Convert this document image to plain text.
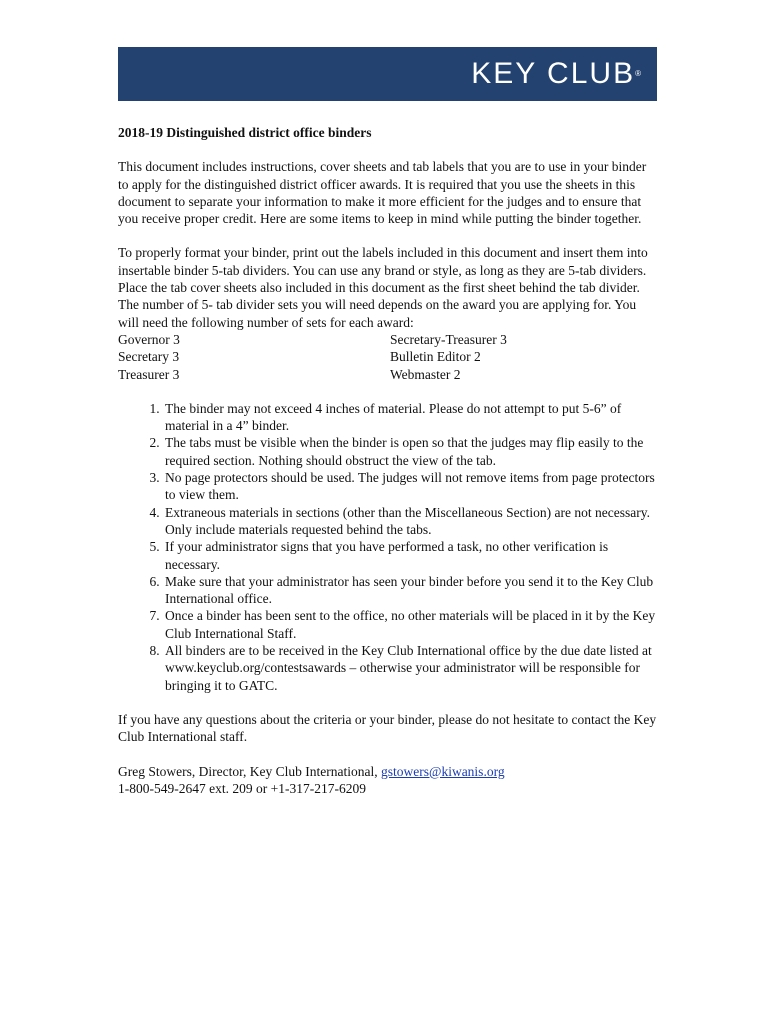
KEY CLUB®
2018-19 Distinguished district office binders

This document includes instructions, cover sheets and tab labels that you are to use in your binder to apply for the distinguished district officer awards. It is required that you use the sheets in this document to separate your information to make it more efficient for the judges and to ensure that you receive proper credit. Here are some items to keep in mind while putting the binder together.

To properly format your binder, print out the labels included in this document and insert them into insertable binder 5-tab dividers. You can use any brand or style, as long as they are 5-tab dividers. Place the tab cover sheets also included in this document as the first sheet behind the tab divider. The number of 5- tab divider sets you will need depends on the award you are applying for. You will need the following number of sets for each award:
Governor 3	Secretary-Treasurer 3
Secretary 3	Bulletin Editor 2
Treasurer 3	Webmaster 2
1. The binder may not exceed 4 inches of material. Please do not attempt to put 5-6” of material in a 4” binder.
2. The tabs must be visible when the binder is open so that the judges may flip easily to the required section. Nothing should obstruct the view of the tab.
3. No page protectors should be used. The judges will not remove items from page protectors to view them.
4. Extraneous materials in sections (other than the Miscellaneous Section) are not necessary. Only include materials requested behind the tabs.
5. If your administrator signs that you have performed a task, no other verification is necessary.
6. Make sure that your administrator has seen your binder before you send it to the Key Club International office.
7. Once a binder has been sent to the office, no other materials will be placed in it by the Key Club International Staff.
8. All binders are to be received in the Key Club International office by the due date listed at www.keyclub.org/contestsawards – otherwise your administrator will be responsible for bringing it to GATC.

If you have any questions about the criteria or your binder, please do not hesitate to contact the Key Club International staff.

Greg Stowers, Director, Key Club International, gstowers@kiwanis.org
1-800-549-2647 ext. 209 or +1-317-217-6209
